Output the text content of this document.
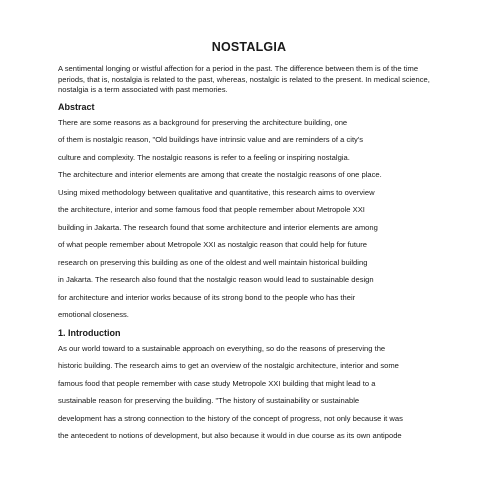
NOSTALGIA

A sentimental longing or wistful affection for a period in the past. The difference between them is of the time periods, that is, nostalgia is related to the past, whereas, nostalgic is related to the present. In medical science, nostalgia is a term associated with past memories.

Abstract
There are some reasons as a background for preserving the architecture building, one
of them is nostalgic reason, "Old buildings have intrinsic value and are reminders of a city's
culture and complexity. The nostalgic reasons is refer to a feeling or inspiring nostalgia.
The architecture and interior elements are among that create the nostalgic reasons of one place.
Using mixed methodology between qualitative and quantitative, this research aims to overview
the architecture, interior and some famous food that people remember about Metropole XXI
building in Jakarta. The research found that some architecture and interior elements are among
of what people remember about Metropole XXI as nostalgic reason that could help for future
research on preserving this building as one of the oldest and well maintain historical building
in Jakarta. The research also found that the nostalgic reason would lead to sustainable design
for architecture and interior works because of its strong bond to the people who has their
emotional closeness.
1. Introduction
As our world toward to a sustainable approach on everything, so do the reasons of preserving the
historic building. The research aims to get an overview of the nostalgic architecture, interior and some
famous food that people remember with case study Metropole XXI building that might lead to a
sustainable reason for preserving the building. "The history of sustainability or sustainable
development has a strong connection to the history of the concept of progress, not only because it was
the antecedent to notions of development, but also because it would in due course as its own antipode
